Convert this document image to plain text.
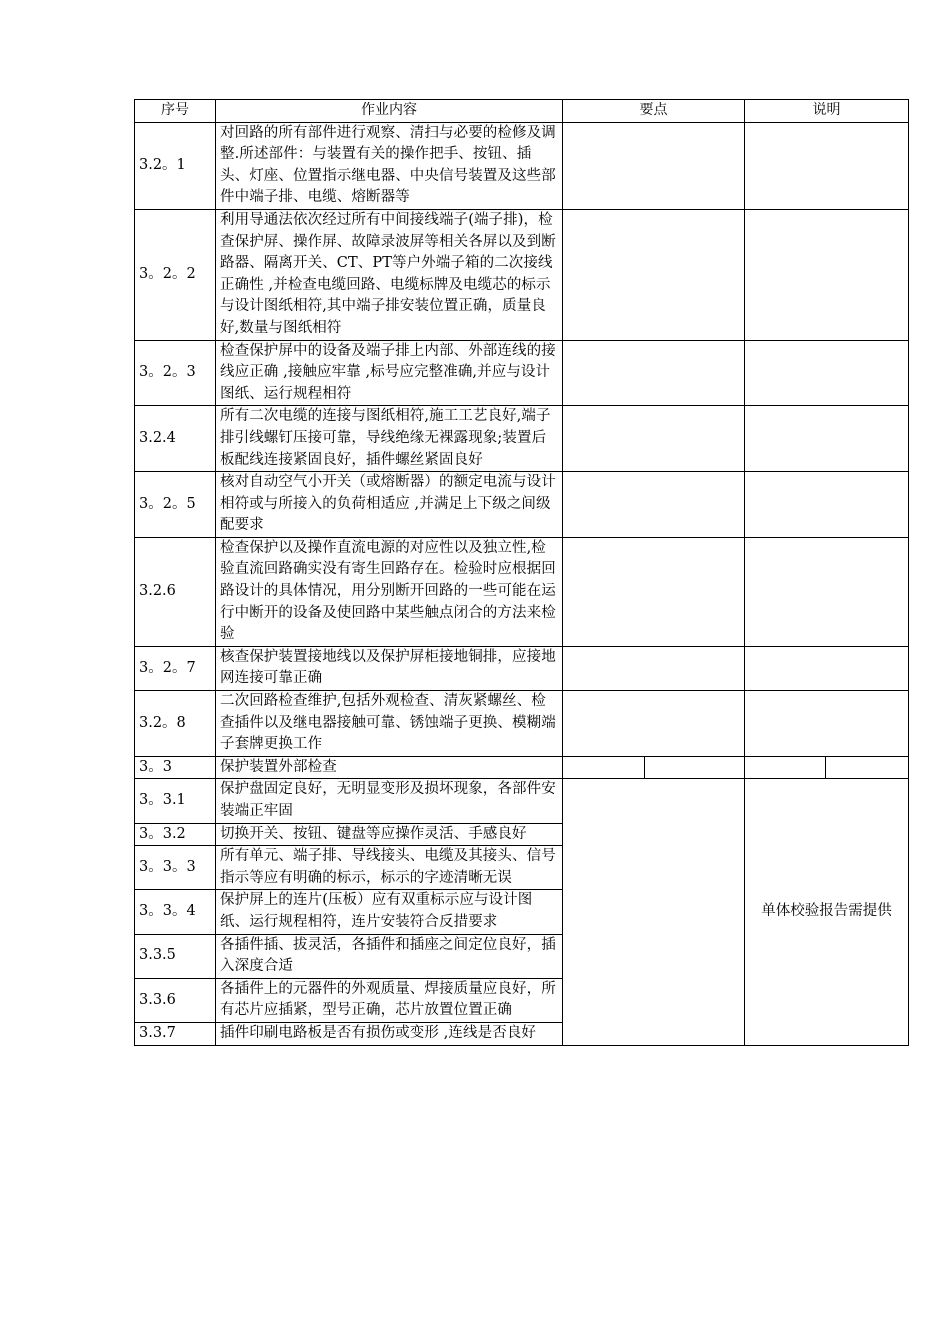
序号	作业内容	要点		说明	
3.2。1	对回路的所有部件进行观察、清扫与必要的检修及调整.所述部件：与装置有关的操作把手、按钮、插头、灯座、位置指示继电器、中央信号装置及这些部件中端子排、电缆、熔断器等				
3。2。2	利用导通法依次经过所有中间接线端子(端子排)，检查保护屏、操作屏、故障录波屏等相关各屏以及到断路器、隔离开关、CT、PT等户外端子箱的二次接线正确性 ,并检查电缆回路、电缆标牌及电缆芯的标示与设计图纸相符,其中端子排安装位置正确，质量良好,数量与图纸相符				
3。2。3	检查保护屏中的设备及端子排上内部、外部连线的接线应正确 ,接触应牢靠 ,标号应完整准确,并应与设计图纸、运行规程相符				
3.2.4	所有二次电缆的连接与图纸相符,施工工艺良好,端子排引线螺钉压接可靠，导线绝缘无裸露现象;装置后板配线连接紧固良好，插件螺丝紧固良好				
3。2。5	核对自动空气小开关（或熔断器）的额定电流与设计相符或与所接入的负荷相适应 ,并满足上下级之间级配要求				
3.2.6	检查保护以及操作直流电源的对应性以及独立性,检验直流回路确实没有寄生回路存在。检验时应根据回路设计的具体情况，用分别断开回路的一些可能在运行中断开的设备及使回路中某些触点闭合的方法来检验				
3。2。7	核查保护装置接地线以及保护屏柜接地铜排，应接地网连接可靠正确				
3.2。8	二次回路检查维护,包括外观检查、清灰紧螺丝、检查插件以及继电器接触可靠、锈蚀端子更换、模糊端子套牌更换工作				
3。3	保护装置外部检查				
3。3.1	保护盘固定良好，无明显变形及损坏现象，各部件安装端正牢固			单体校验报告需提供	
3。3.2	切换开关、按钮、键盘等应操作灵活、手感良好				
3。3。3	所有单元、端子排、导线接头、电缆及其接头、信号指示等应有明确的标示，标示的字迹清晰无误				
3。3。4	保护屏上的连片(压板）应有双重标示应与设计图纸、运行规程相符，连片安装符合反措要求				
3.3.5	各插件插、拔灵活，各插件和插座之间定位良好，插入深度合适				
3.3.6	各插件上的元器件的外观质量、焊接质量应良好，所有芯片应插紧，型号正确，芯片放置位置正确				
3.3.7	插件印刷电路板是否有损伤或变形 ,连线是否良好				
